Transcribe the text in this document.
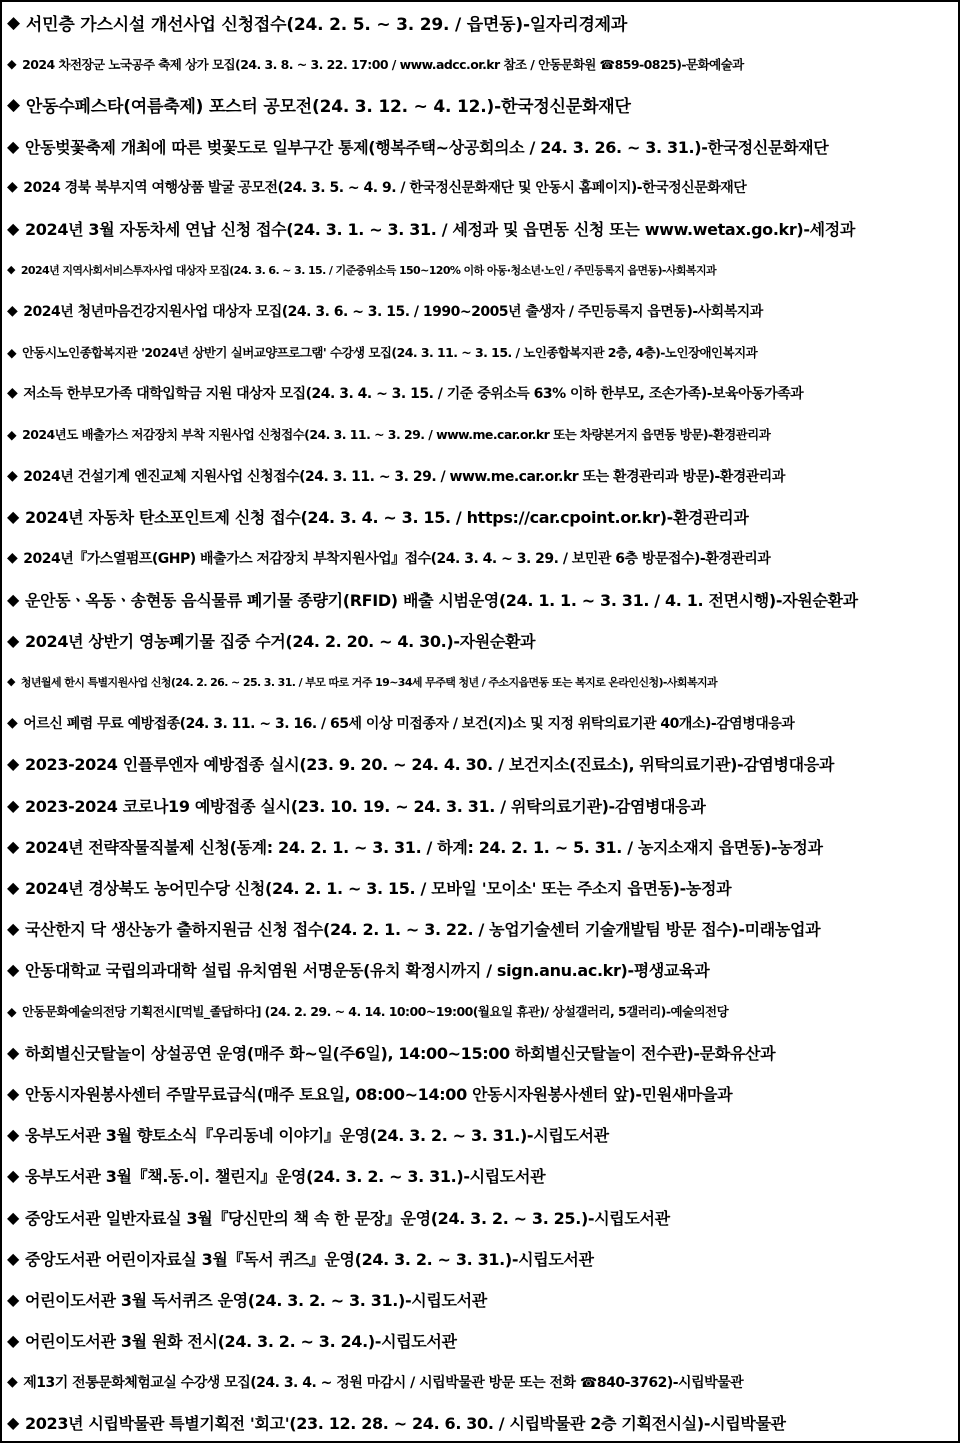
◆ 서민층 가스시설 개선사업 신청접수(24. 2. 5. ~ 3. 29. / 읍면동)-일자리경제과
◆ 2024 차전장군 노국공주 축제 상가 모집(24. 3. 8. ~ 3. 22. 17:00 / www.adcc.or.kr 참조 / 안동문화원 ☎859-0825)-문화예술과
◆ 안동수페스타(여름축제) 포스터 공모전(24. 3. 12. ~ 4. 12.)-한국정신문화재단
◆ 안동벚꽃축제 개최에 따른 벚꽃도로 일부구간 통제(행복주택~상공회의소 / 24. 3. 26. ~ 3. 31.)-한국정신문화재단
◆ 2024 경북 북부지역 여행상품 발굴 공모전(24. 3. 5. ~ 4. 9. / 한국정신문화재단 및 안동시 홈페이지)-한국정신문화재단
◆ 2024년 3월 자동차세 연납 신청 접수(24. 3. 1. ~ 3. 31. / 세정과 및 읍면동 신청 또는 www.wetax.go.kr)-세정과
◆ 2024년 지역사회서비스투자사업 대상자 모집(24. 3. 6. ~ 3. 15. / 기준중위소득 150~120% 이하 아동·청소년·노인 / 주민등록지 읍면동)-사회복지과
◆ 2024년 청년마음건강지원사업 대상자 모집(24. 3. 6. ~ 3. 15. / 1990~2005년 출생자 / 주민등록지 읍면동)-사회복지과
◆ 안동시노인종합복지관 '2024년 상반기 실버교양프로그램' 수강생 모집(24. 3. 11. ~ 3. 15. / 노인종합복지관 2층, 4층)-노인장애인복지과
◆ 저소득 한부모가족 대학입학금 지원 대상자 모집(24. 3. 4. ~ 3. 15. / 기준 중위소득 63% 이하 한부모, 조손가족)-보육아동가족과
◆ 2024년도 배출가스 저감장치 부착 지원사업 신청접수(24. 3. 11. ~ 3. 29. / www.me.car.or.kr 또는 차량본거지 읍면동 방문)-환경관리과
◆ 2024년 건설기계 엔진교체 지원사업 신청접수(24. 3. 11. ~ 3. 29. / www.me.car.or.kr 또는 환경관리과 방문)-환경관리과
◆ 2024년 자동차 탄소포인트제 신청 접수(24. 3. 4. ~ 3. 15. / https://car.cpoint.or.kr)-환경관리과
◆ 2024년『가스열펌프(GHP) 배출가스 저감장치 부착지원사업』접수(24. 3. 4. ~ 3. 29. / 보민관 6층 방문접수)-환경관리과
◆ 운안동ㆍ옥동ㆍ송현동 음식물류 폐기물 종량기(RFID) 배출 시범운영(24. 1. 1. ~ 3. 31. / 4. 1. 전면시행)-자원순환과
◆ 2024년 상반기 영농폐기물 집중 수거(24. 2. 20. ~ 4. 30.)-자원순환과
◆ 청년월세 한시 특별지원사업 신청(24. 2. 26. ~ 25. 3. 31. / 부모 따로 거주 19~34세 무주택 청년 / 주소지읍면동 또는 복지로 온라인신청)-사회복지과
◆ 어르신 폐렴 무료 예방접종(24. 3. 11. ~ 3. 16. / 65세 이상 미접종자 / 보건(지)소 및 지정 위탁의료기관 40개소)-감염병대응과
◆ 2023-2024 인플루엔자 예방접종 실시(23. 9. 20. ~ 24. 4. 30. / 보건지소(진료소), 위탁의료기관)-감염병대응과
◆ 2023-2024 코로나19 예방접종 실시(23. 10. 19. ~ 24. 3. 31. / 위탁의료기관)-감염병대응과
◆ 2024년 전략작물직불제 신청(동계: 24. 2. 1. ~ 3. 31. / 하계: 24. 2. 1. ~ 5. 31. / 농지소재지 읍면동)-농정과
◆ 2024년 경상북도 농어민수당 신청(24. 2. 1. ~ 3. 15. / 모바일 '모이소' 또는 주소지 읍면동)-농정과
◆ 국산한지 닥 생산농가 출하지원금 신청 접수(24. 2. 1. ~ 3. 22. / 농업기술센터 기술개발팀 방문 접수)-미래농업과
◆ 안동대학교 국립의과대학 설립 유치염원 서명운동(유치 확정시까지 / sign.anu.ac.kr)-평생교육과
◆ 안동문화예술의전당 기획전시[먹빌_졸답하다] (24. 2. 29. ~ 4. 14. 10:00~19:00(월요일 휴관)/ 상설갤러리, 5갤러리)-예술의전당
◆ 하회별신굿탈놀이 상설공연 운영(매주 화~일(주6일), 14:00~15:00 하회별신굿탈놀이 전수관)-문화유산과
◆ 안동시자원봉사센터 주말무료급식(매주 토요일, 08:00~14:00 안동시자원봉사센터 앞)-민원새마을과
◆ 웅부도서관 3월 향토소식『우리동네 이야기』운영(24. 3. 2. ~ 3. 31.)-시립도서관
◆ 웅부도서관 3월『책.동.이. 챌린지』운영(24. 3. 2. ~ 3. 31.)-시립도서관
◆ 중앙도서관 일반자료실 3월『당신만의 책 속 한 문장』운영(24. 3. 2. ~ 3. 25.)-시립도서관
◆ 중앙도서관 어린이자료실 3월『독서 퀴즈』운영(24. 3. 2. ~ 3. 31.)-시립도서관
◆ 어린이도서관 3월 독서퀴즈 운영(24. 3. 2. ~ 3. 31.)-시립도서관
◆ 어린이도서관 3월 원화 전시(24. 3. 2. ~ 3. 24.)-시립도서관
◆ 제13기 전통문화체험교실 수강생 모집(24. 3. 4. ~ 정원 마감시 / 시립박물관 방문 또는 전화 ☎840-3762)-시립박물관
◆ 2023년 시립박물관 특별기획전 '회고'(23. 12. 28. ~ 24. 6. 30. / 시립박물관 2층 기획전시실)-시립박물관
